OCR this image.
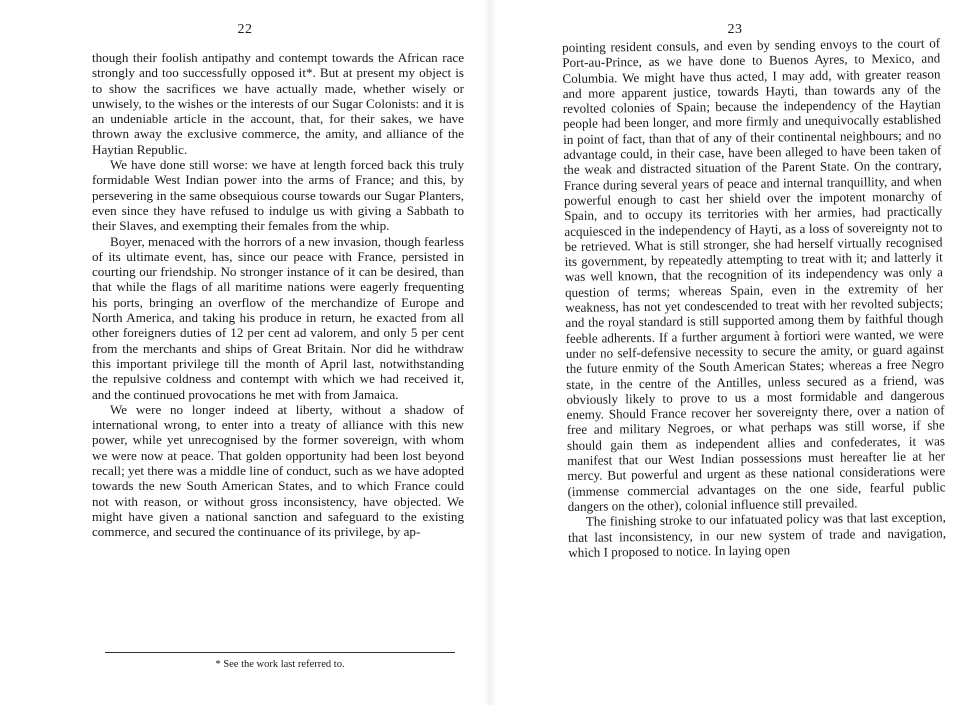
22

though their foolish antipathy and contempt towards the African race strongly and too successfully opposed it*. But at present my object is to show the sacrifices we have actually made, whether wisely or unwisely, to the wishes or the interests of our Sugar Colonists: and it is an undeniable article in the account, that, for their sakes, we have thrown away the exclusive commerce, the amity, and alliance of the Haytian Republic.

We have done still worse: we have at length forced back this truly formidable West Indian power into the arms of France; and this, by persevering in the same obsequious course towards our Sugar Planters, even since they have refused to indulge us with giving a Sabbath to their Slaves, and exempting their females from the whip.

Boyer, menaced with the horrors of a new invasion, though fearless of its ultimate event, has, since our peace with France, persisted in courting our friendship. No stronger instance of it can be desired, than that while the flags of all maritime nations were eagerly frequenting his ports, bringing an overflow of the merchandize of Europe and North America, and taking his produce in return, he exacted from all other foreigners duties of 12 per cent ad valorem, and only 5 per cent from the merchants and ships of Great Britain. Nor did he withdraw this important privilege till the month of April last, notwithstanding the repulsive coldness and contempt with which we had received it, and the continued provocations he met with from Jamaica.

We were no longer indeed at liberty, without a shadow of international wrong, to enter into a treaty of alliance with this new power, while yet unrecognised by the former sovereign, with whom we were now at peace. That golden opportunity had been lost beyond recall; yet there was a middle line of conduct, such as we have adopted towards the new South American States, and to which France could not with reason, or without gross inconsistency, have objected. We might have given a national sanction and safeguard to the existing commerce, and secured the continuance of its privilege, by ap-

* See the work last referred to.
23

pointing resident consuls, and even by sending envoys to the court of Port-au-Prince, as we have done to Buenos Ayres, to Mexico, and Columbia. We might have thus acted, I may add, with greater reason and more apparent justice, towards Hayti, than towards any of the revolted colonies of Spain; because the independency of the Haytian people had been longer, and more firmly and unequivocally established in point of fact, than that of any of their continental neighbours; and no advantage could, in their case, have been alleged to have been taken of the weak and distracted situation of the Parent State. On the contrary, France during several years of peace and internal tranquillity, and when powerful enough to cast her shield over the impotent monarchy of Spain, and to occupy its territories with her armies, had practically acquiesced in the independency of Hayti, as a loss of sovereignty not to be retrieved. What is still stronger, she had herself virtually recognised its government, by repeatedly attempting to treat with it; and latterly it was well known, that the recognition of its independency was only a question of terms; whereas Spain, even in the extremity of her weakness, has not yet condescended to treat with her revolted subjects; and the royal standard is still supported among them by faithful though feeble adherents. If a further argument à fortiori were wanted, we were under no self-defensive necessity to secure the amity, or guard against the future enmity of the South American States; whereas a free Negro state, in the centre of the Antilles, unless secured as a friend, was obviously likely to prove to us a most formidable and dangerous enemy. Should France recover her sovereignty there, over a nation of free and military Negroes, or what perhaps was still worse, if she should gain them as independent allies and confederates, it was manifest that our West Indian possessions must hereafter lie at her mercy. But powerful and urgent as these national considerations were (immense commercial advantages on the one side, fearful public dangers on the other), colonial influence still prevailed.

The finishing stroke to our infatuated policy was that last exception, that last inconsistency, in our new system of trade and navigation, which I proposed to notice. In laying open
